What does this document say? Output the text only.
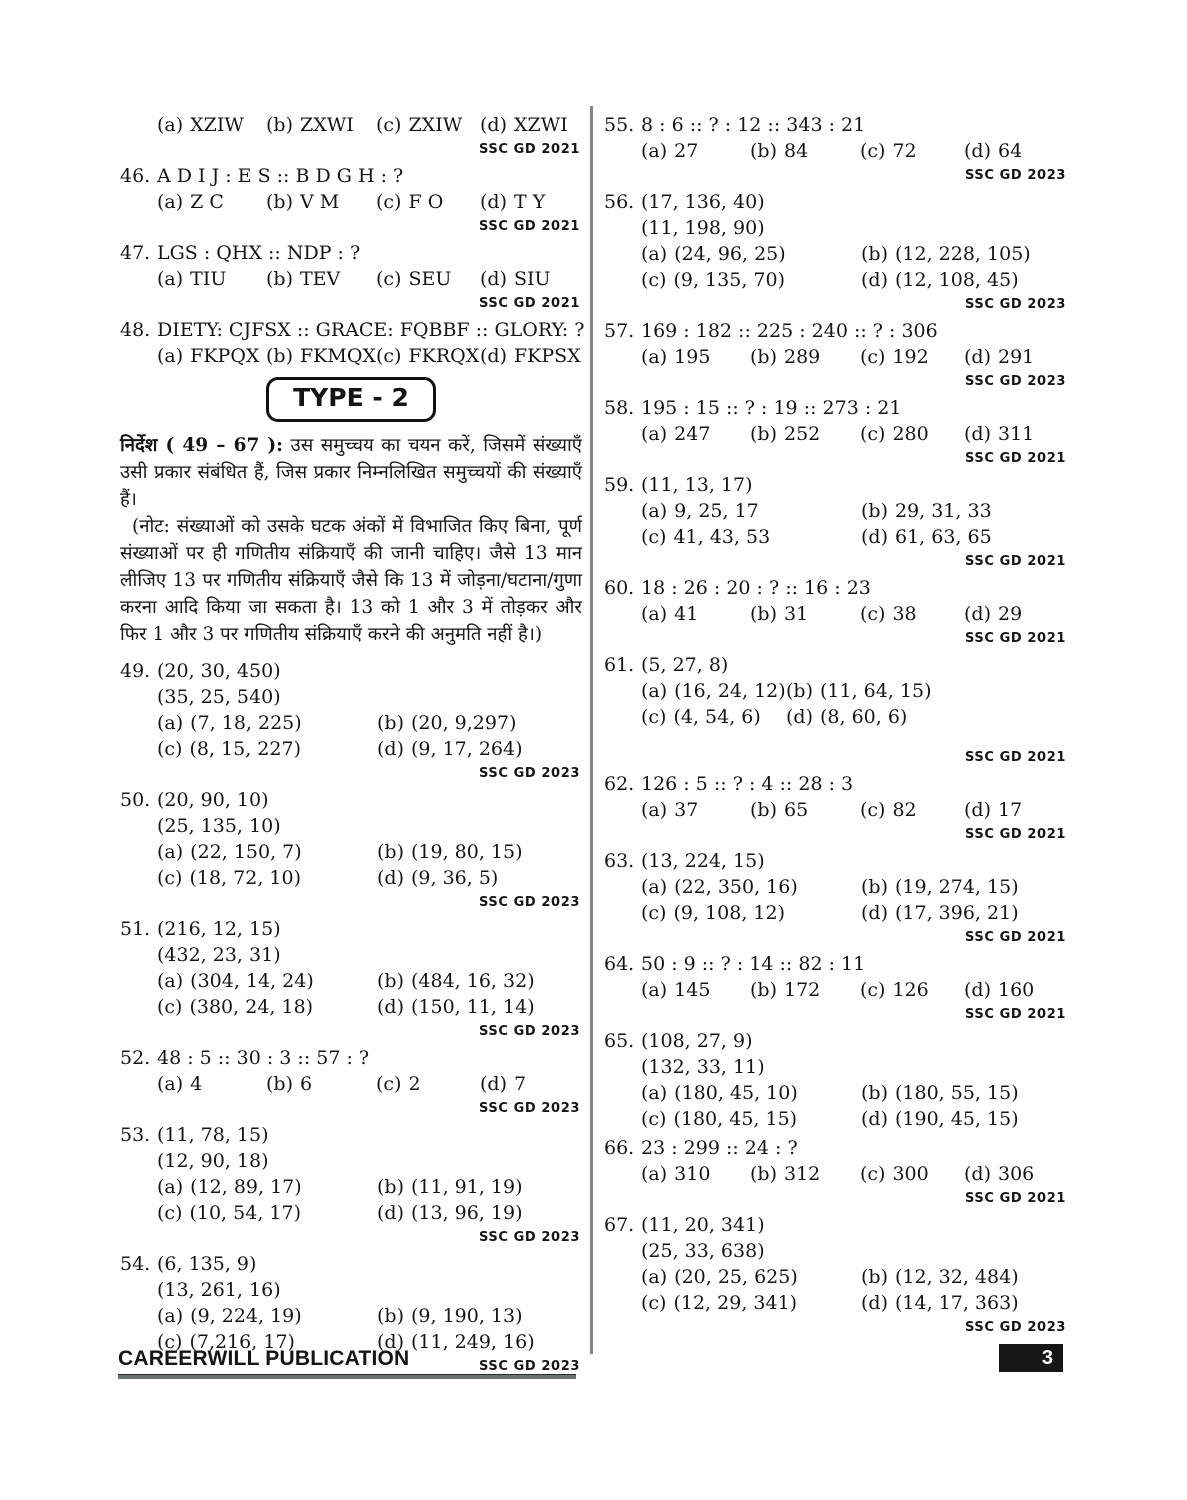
(a) XZIW	(b) ZXWI	(c) ZXIW (d) XZWI
SSC GD 2021
46. A D I J : E S :: B D G H : ?
(a) Z C	(b) V M	(c) F O	(d) T Y
SSC GD 2021
47. LGS : QHX :: NDP : ?
(a) TIU	(b) TEV	(c) SEU	(d) SIU
SSC GD 2021
48. DIETY: CJFSX :: GRACE: FQBBF :: GLORY: ?
(a) FKPQX (b) FKMQX (c) FKRQX (d) FKPSX
TYPE - 2

निर्देश ( 49 – 67 ): उस समुच्चय का चयन करें, जिसमें संख्याएँ उसी प्रकार संबंधित हैं, जिस प्रकार निम्नलिखित समुच्चयों की संख्याएँ हैं।

(नोट: संख्याओं को उसके घटक अंकों में विभाजित किए बिना, पूर्ण संख्याओं पर ही गणितीय संक्रियाएँ की जानी चाहिए। जैसे 13 मान लीजिए 13 पर गणितीय संक्रियाएँ जैसे कि 13 में जोड़ना/घटाना/गुणा करना आदि किया जा सकता है। 13 को 1 और 3 में तोड़कर और फिर 1 और 3 पर गणितीय संक्रियाएँ करने की अनुमति नहीं है।)

49. (20, 30, 450)
(35, 25, 540)
(a) (7, 18, 225)	(b) (20, 9,297)
(c) (8, 15, 227)	(d) (9, 17, 264)
SSC GD 2023
50. (20, 90, 10)
(25, 135, 10)
(a) (22, 150, 7)	(b) (19, 80, 15)
(c) (18, 72, 10)	(d) (9, 36, 5)
SSC GD 2023
51. (216, 12, 15)
(432, 23, 31)
(a) (304, 14, 24)	(b) (484, 16, 32)
(c) (380, 24, 18)	(d) (150, 11, 14)
SSC GD 2023
52. 48 : 5 :: 30 : 3 :: 57 : ?
(a) 4	(b) 6	(c) 2	(d) 7
SSC GD 2023
53. (11, 78, 15)
(12, 90, 18)
(a) (12, 89, 17)	(b) (11, 91, 19)
(c) (10, 54, 17)	(d) (13, 96, 19)
SSC GD 2023
54. (6, 135, 9)
(13, 261, 16)
(a) (9, 224, 19)	(b) (9, 190, 13)
(c) (7,216, 17)	(d) (11, 249, 16)
SSC GD 2023
55. 8 : 6 :: ? : 12 :: 343 : 21
(a) 27	(b) 84	(c) 72	(d) 64
SSC GD 2023
56. (17, 136, 40)
(11, 198, 90)
(a) (24, 96, 25)	(b) (12, 228, 105)
(c) (9, 135, 70)	(d) (12, 108, 45)
SSC GD 2023
57. 169 : 182 :: 225 : 240 :: ? : 306
(a) 195	(b) 289	(c) 192	(d) 291
SSC GD 2023
58. 195 : 15 :: ? : 19 :: 273 : 21
(a) 247	(b) 252	(c) 280	(d) 311
SSC GD 2021
59. (11, 13, 17)
(a) 9, 25, 17	(b) 29, 31, 33
(c) 41, 43, 53	(d) 61, 63, 65
SSC GD 2021
60. 18 : 26 : 20 : ? :: 16 : 23
(a) 41	(b) 31	(c) 38	(d) 29
SSC GD 2021
61. (5, 27, 8)
(a) (16, 24, 12) (b) (11, 64, 15)
(c) (4, 54, 6)	(d) (8, 60, 6)
SSC GD 2021
62. 126 : 5 :: ? : 4 :: 28 : 3
(a) 37	(b) 65	(c) 82	(d) 17
SSC GD 2021
63. (13, 224, 15)
(a) (22, 350, 16)	(b) (19, 274, 15)
(c) (9, 108, 12)	(d) (17, 396, 21)
SSC GD 2021
64. 50 : 9 :: ? : 14 :: 82 : 11
(a) 145	(b) 172	(c) 126	(d) 160
SSC GD 2021
65. (108, 27, 9)
(132, 33, 11)
(a) (180, 45, 10)	(b) (180, 55, 15)
(c) (180, 45, 15)	(d) (190, 45, 15)
66. 23 : 299 :: 24 : ?
(a) 310	(b) 312	(c) 300	(d) 306
SSC GD 2021
67. (11, 20, 341)
(25, 33, 638)
(a) (20, 25, 625)	(b) (12, 32, 484)
(c) (12, 29, 341)	(d) (14, 17, 363)
SSC GD 2023
CAREERWILL PUBLICATION	3
